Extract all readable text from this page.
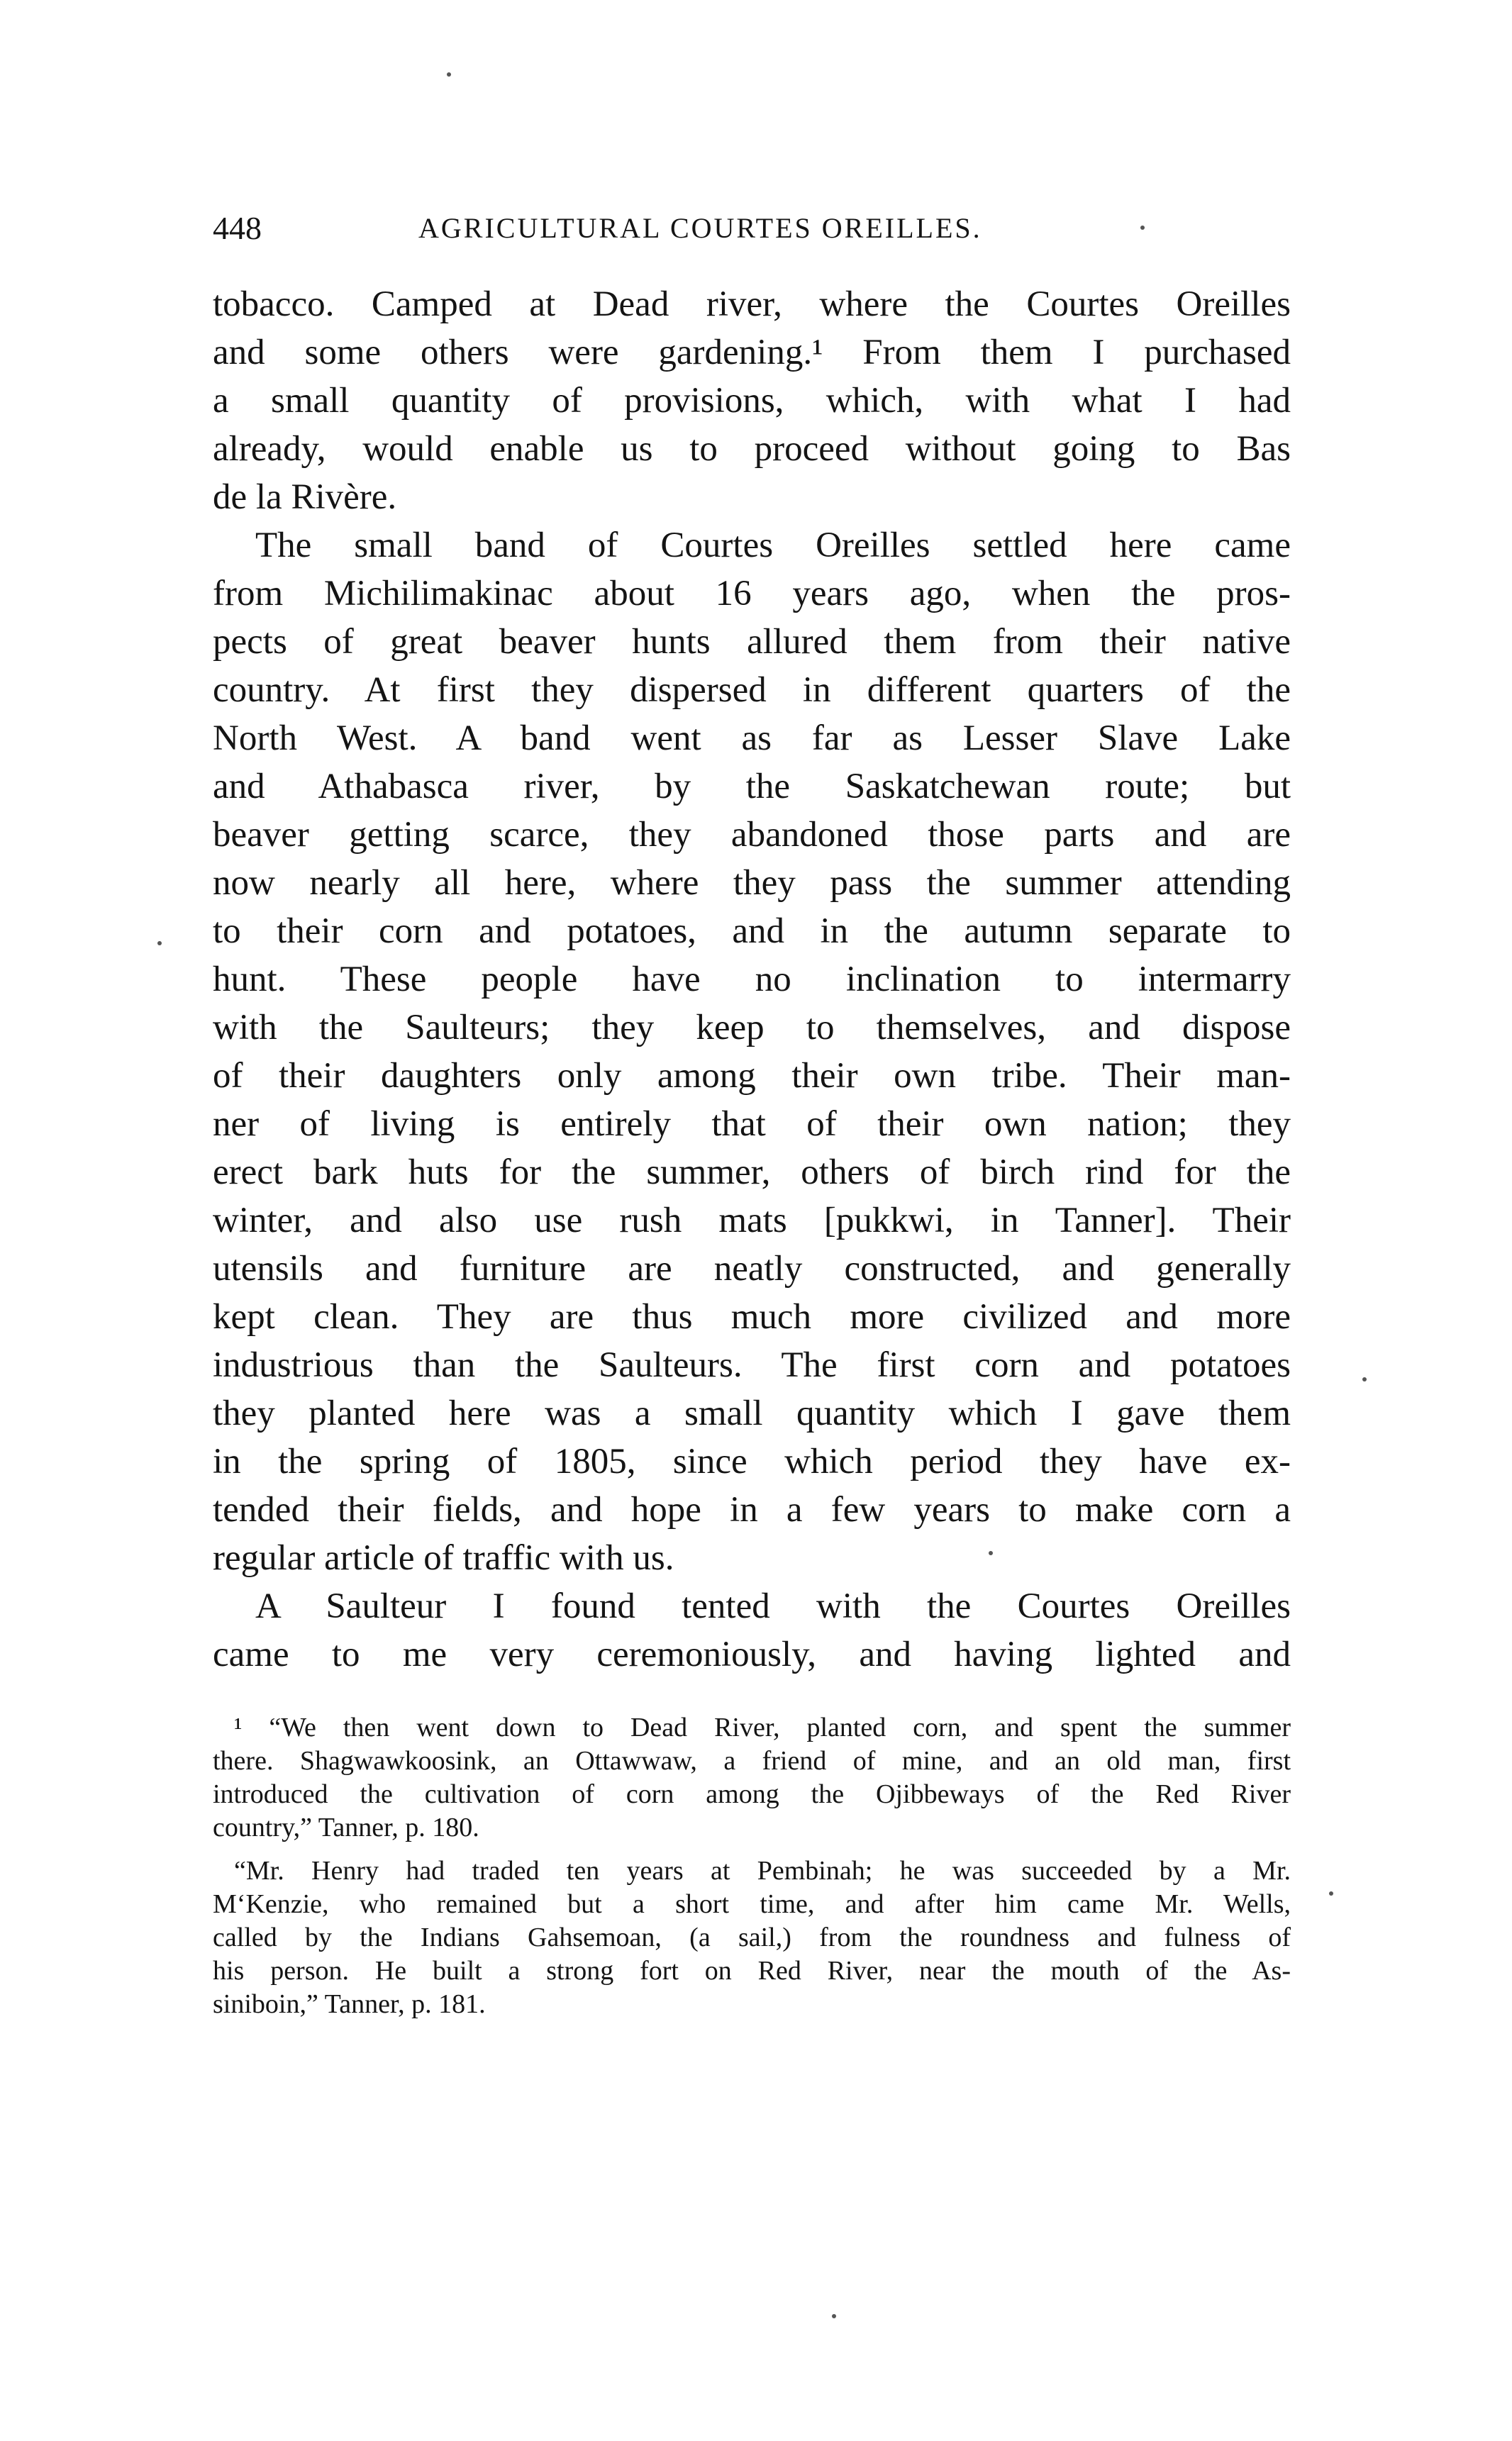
448	AGRICULTURAL COURTES OREILLES.
tobacco. Camped at Dead river, where the Courtes Oreilles
and some others were gardening.¹ From them I purchased
a small quantity of provisions, which, with what I had
already, would enable us to proceed without going to Bas
de la Rivère.
The small band of Courtes Oreilles settled here came
from Michilimakinac about 16 years ago, when the pros-
pects of great beaver hunts allured them from their native
country. At first they dispersed in different quarters of the
North West. A band went as far as Lesser Slave Lake
and Athabasca river, by the Saskatchewan route; but
beaver getting scarce, they abandoned those parts and are
now nearly all here, where they pass the summer attending
to their corn and potatoes, and in the autumn separate to
hunt. These people have no inclination to intermarry
with the Saulteurs; they keep to themselves, and dispose
of their daughters only among their own tribe. Their man-
ner of living is entirely that of their own nation; they
erect bark huts for the summer, others of birch rind for the
winter, and also use rush mats [pukkwi, in Tanner]. Their
utensils and furniture are neatly constructed, and generally
kept clean. They are thus much more civilized and more
industrious than the Saulteurs. The first corn and potatoes
they planted here was a small quantity which I gave them
in the spring of 1805, since which period they have ex-
tended their fields, and hope in a few years to make corn a
regular article of traffic with us.
A Saulteur I found tented with the Courtes Oreilles
came to me very ceremoniously, and having lighted and
¹ “We then went down to Dead River, planted corn, and spent the summer
there. Shagwawkoosink, an Ottawwaw, a friend of mine, and an old man, first
introduced the cultivation of corn among the Ojibbeways of the Red River
country,” Tanner, p. 180.
“Mr. Henry had traded ten years at Pembinah; he was succeeded by a Mr.
M‘Kenzie, who remained but a short time, and after him came Mr. Wells,
called by the Indians Gahsemoan, (a sail,) from the roundness and fulness of
his person. He built a strong fort on Red River, near the mouth of the As-
siniboin,” Tanner, p. 181.
